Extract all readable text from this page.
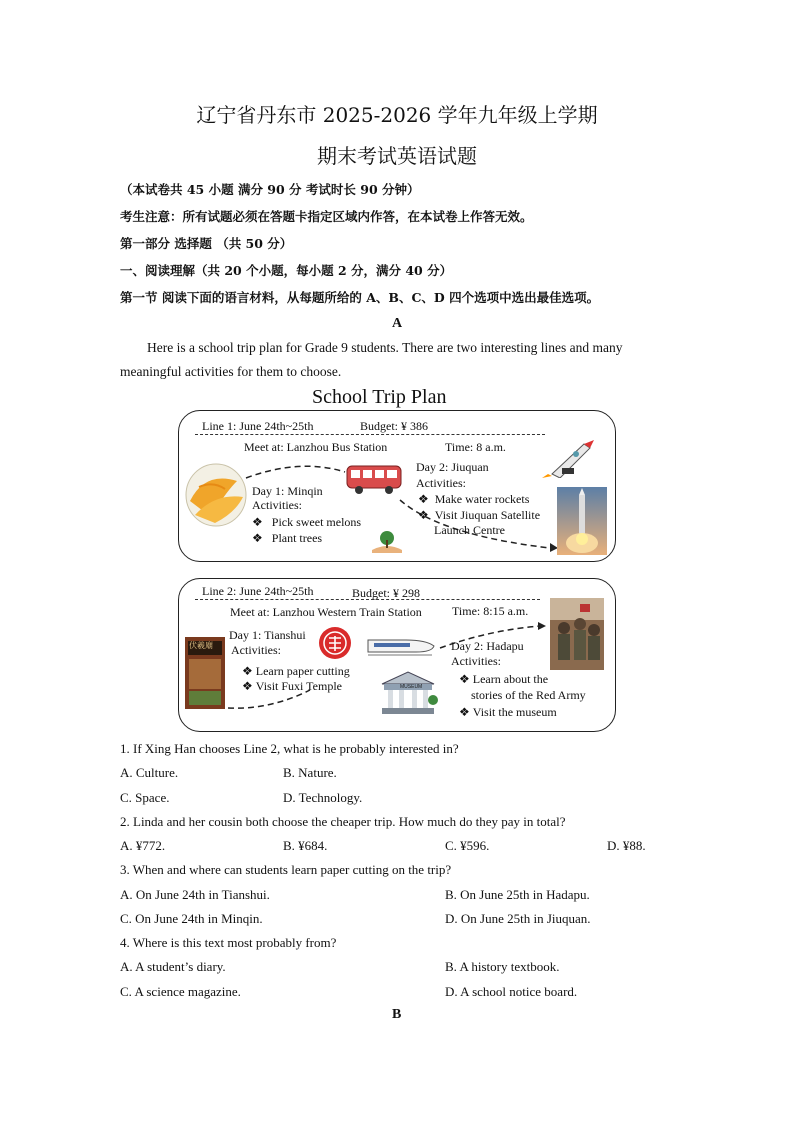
辽宁省丹东市 2025-2026 学年九年级上学期
期末考试英语试题
（本试卷共 45 小题 满分 90 分 考试时长 90 分钟）
考生注意：所有试题必须在答题卡指定区域内作答，在本试卷上作答无效。
第一部分 选择题 （共 50 分）
一、阅读理解（共 20 个小题，每小题 2 分，满分 40 分）
第一节 阅读下面的语言材料，从每题所给的 A、B、C、D 四个选项中选出最佳选项。
A
Here is a school trip plan for Grade 9 students. There are two interesting lines and many
meaningful activities for them to choose.
School Trip Plan
Line 1: June 24th~25th	Budget: ¥ 386
Meet at: Lanzhou Bus Station	Time: 8 a.m.
Day 1: Minqin
Activities:
❖ Pick sweet melons
❖ Plant trees
Day 2: Jiuquan
Activities:
❖ Make water rockets
❖ Visit Jiuquan Satellite
Launch Centre
Line 2: June 24th~25th	Budget: ¥ 298
Meet at: Lanzhou Western Train Station	Time: 8:15 a.m.
伏羲廟
Day 1: Tianshui
Activities:
❖ Learn paper cutting
❖ Visit Fuxi Temple	MUSEUM
Day 2: Hadapu
Activities:
❖ Learn about the
stories of the Red Army
❖ Visit the museum
1. If Xing Han chooses Line 2, what is he probably interested in?
A. Culture.	B. Nature.
C. Space.	D. Technology.
2. Linda and her cousin both choose the cheaper trip. How much do they pay in total?
A. ¥772.	B. ¥684.	C. ¥596.	D. ¥88.
3. When and where can students learn paper cutting on the trip?
A. On June 24th in Tianshui.	B. On June 25th in Hadapu.
C. On June 24th in Minqin.	D. On June 25th in Jiuquan.
4. Where is this text most probably from?
A. A student’s diary.	B. A history textbook.
C. A science magazine.	D. A school notice board.
B
